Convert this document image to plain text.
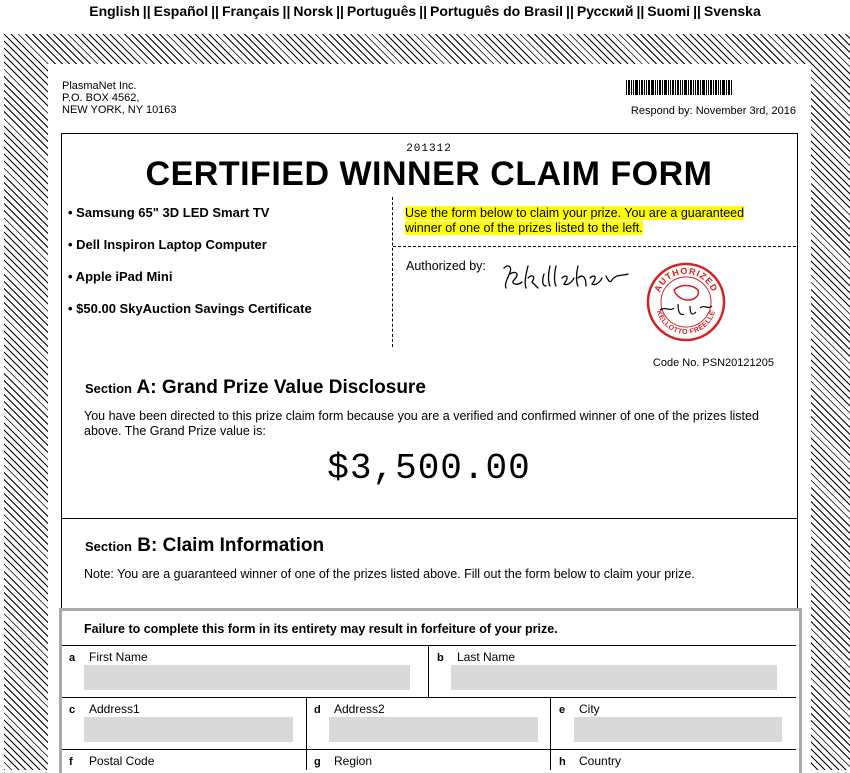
English || Español || Français || Norsk || Português || Português do Brasil || Русский || Suomi || Svenska
PlasmaNet Inc.
P.O. BOX 4562,
NEW YORK, NY 10163	Respond by: November 3rd, 2016
201312
CERTIFIED WINNER CLAIM FORM
• Samsung 65" 3D LED Smart TV
• Dell Inspiron Laptop Computer
• Apple iPad Mini
• $50.00 SkyAuction Savings Certificate
Use the form below to claim your prize. You are a guaranteed winner of one of the prizes listed to the left.
Authorized by:
AUTHORIZED
KELLOTTO FREELLE
Code No. PSN20121205
Section A: Grand Prize Value Disclosure
You have been directed to this prize claim form because you are a verified and confirmed winner of one of the prizes listed above. The Grand Prize value is:
$3,500.00
Section B: Claim Information
Note: You are a guaranteed winner of one of the prizes listed above. Fill out the form below to claim your prize.
Failure to complete this form in its entirety may result in forfeiture of your prize.
a First Name	b Last Name
c Address1	d Address2	e City
f Postal Code	g Region	h Country
